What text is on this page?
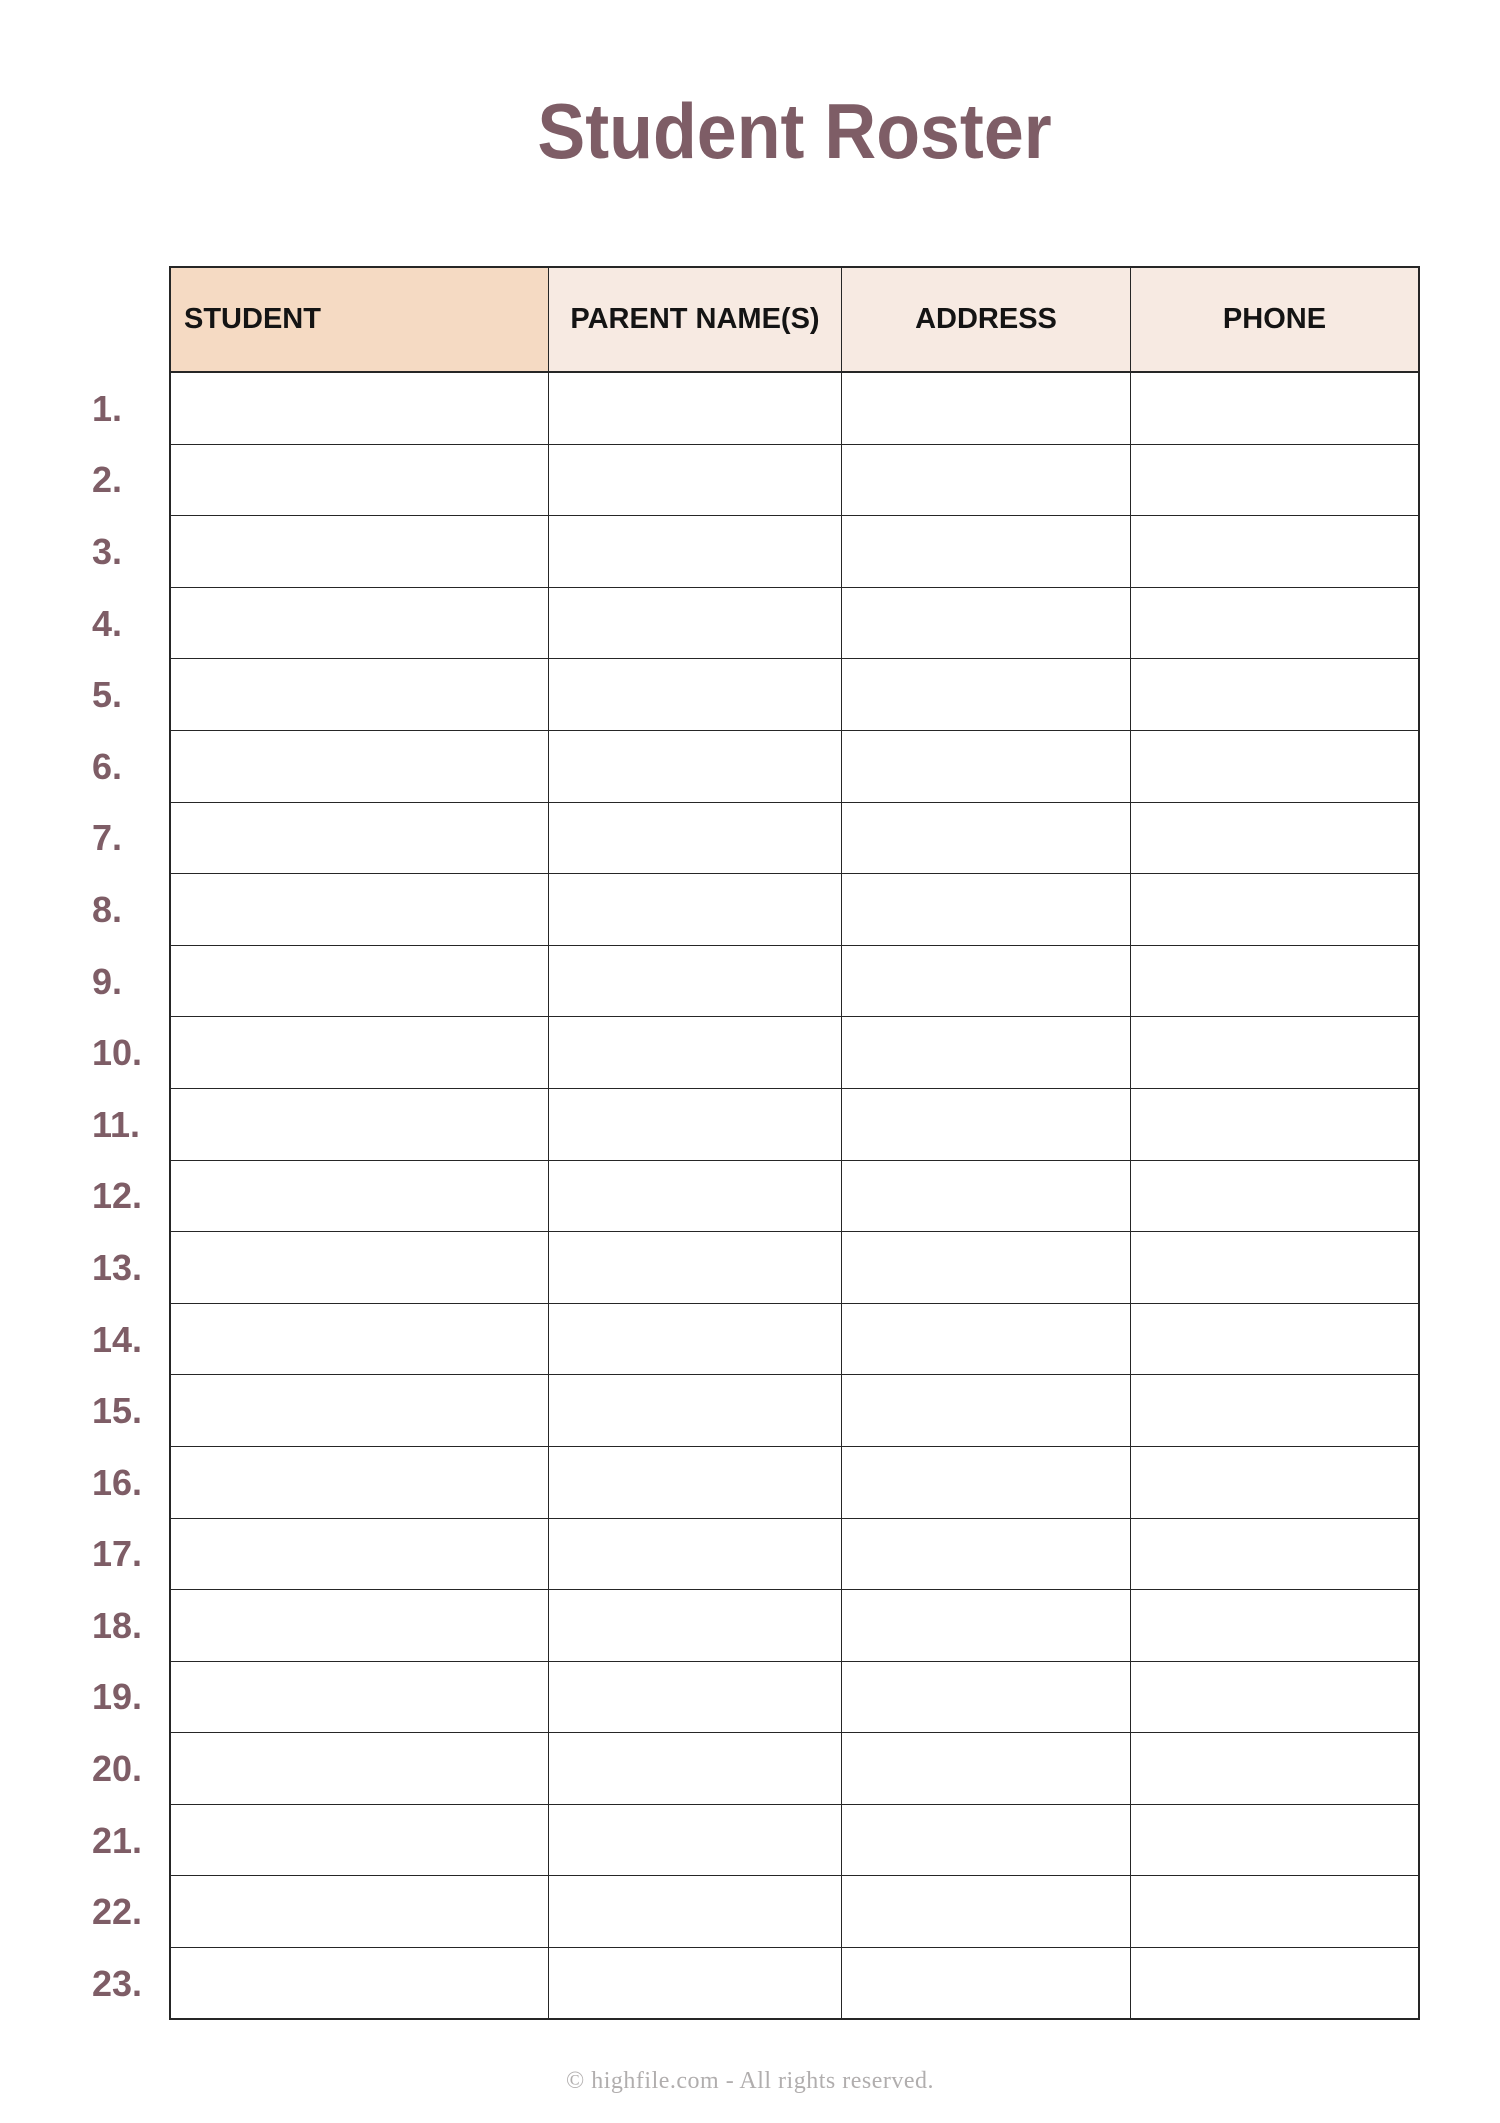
Student Roster
STUDENT	PARENT NAME(S)	ADDRESS	PHONE
1.
2.
3.
4.
5.
6.
7.
8.
9.
10.
11.
12.
13.
14.
15.
16.
17.
18.
19.
20.
21.
22.
23.
© highfile.com - All rights reserved.
